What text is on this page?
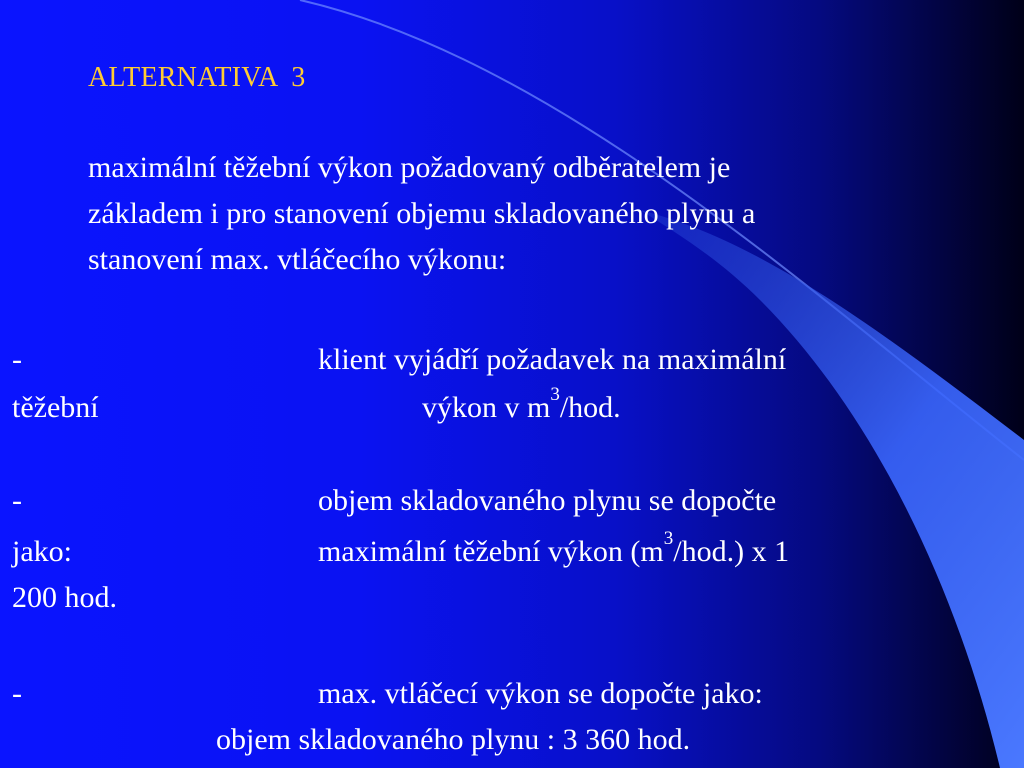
ALTERNATIVA  3
maximální těžební výkon požadovaný odběratelem je
základem i pro stanovení objemu skladovaného plynu a
stanovení max. vtláčecího výkonu:
-	klient vyjádří požadavek na maximální
těžební	výkon v $m^3$/hod.
-	objem skladovaného plynu se dopočte
jako:	maximální těžební výkon $(m^3/hod.)$ x 1
200 hod.
-	max. vtláčecí výkon se dopočte jako:
objem skladovaného plynu : 3 360 hod.
